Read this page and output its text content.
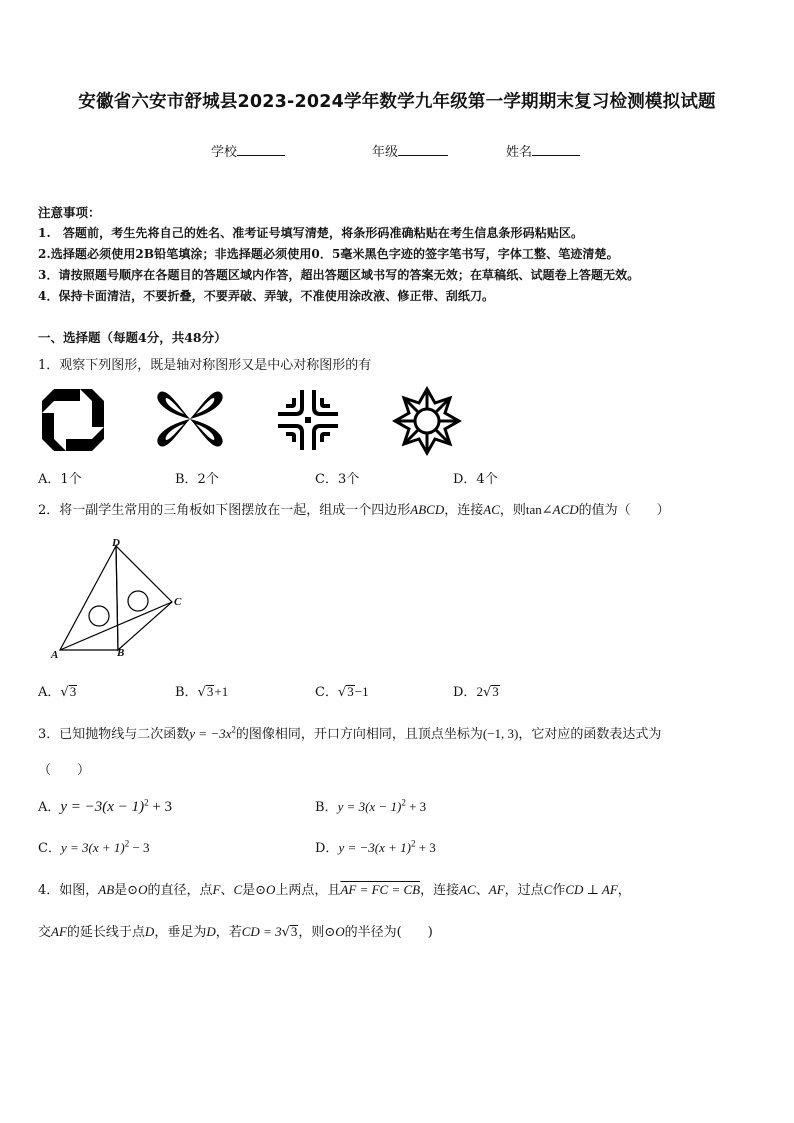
安徽省六安市舒城县2023-2024学年数学九年级第一学期期末复习检测模拟试题
学校	年级	姓名
注意事项：
1.　答题前，考生先将自己的姓名、准考证号填写清楚，将条形码准确粘贴在考生信息条形码粘贴区。
2.选择题必须使用2B铅笔填涂；非选择题必须使用0．5毫米黑色字迹的签字笔书写，字体工整、笔迹清楚。
3．请按照题号顺序在各题目的答题区域内作答，超出答题区域书写的答案无效；在草稿纸、试题卷上答题无效。
4．保持卡面清洁，不要折叠，不要弄破、弄皱，不准使用涂改液、修正带、刮纸刀。
一、选择题（每题4分，共48分）
1．观察下列图形，既是轴对称图形又是中心对称图形的有
A．1个	B．2个	C．3个	D．4个
2．将一副学生常用的三角板如下图摆放在一起，组成一个四边形ABCD，连接AC，则tan∠ACD的值为（　　）
D
C
A	B
A．√3	B．√3+1	C．√3−1	D．2√3
3．已知抛物线与二次函数$y = -3x^2$的图像相同，开口方向相同，且顶点坐标为(−1, 3)，它对应的函数表达式为
（　　）
A．$y = -3(x - 1)^2 + 3$	B．$y = 3(x - 1)^2 + 3$
C．$y = 3(x + 1)^2 - 3$	D．$y = -3(x + 1)^2 + 3$
4．如图，AB是⊙O的直径，点F、C是⊙O上两点，且AF = FC = CB，连接AC、AF，过点C作CD ⊥ AF，
交AF的延长线于点D，垂足为D，若CD = 3√3，则⊙O的半径为(　　)
